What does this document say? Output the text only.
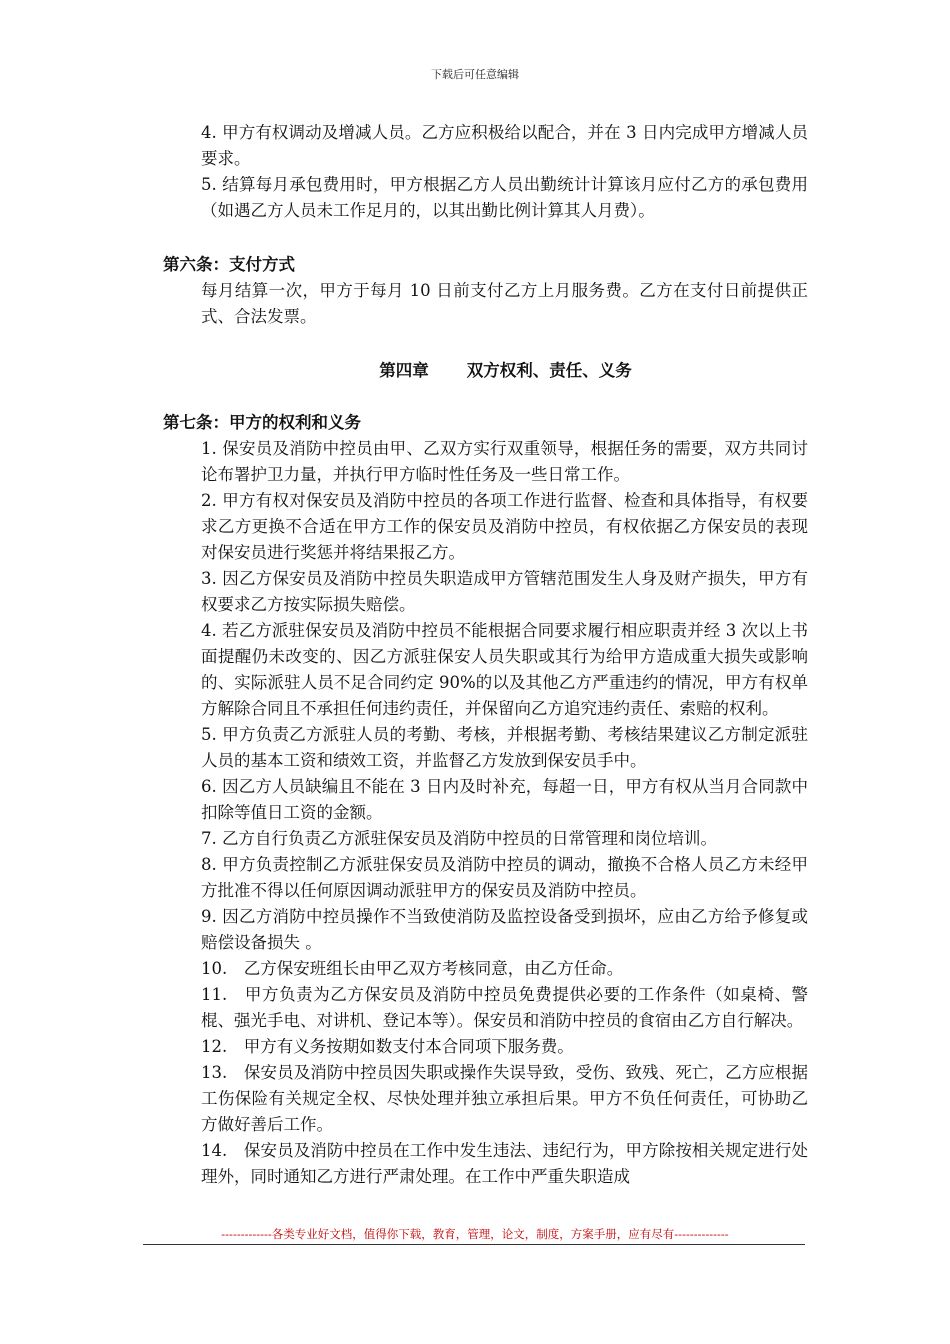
下载后可任意编辑

4. 甲方有权调动及增减人员。乙方应积极给以配合，并在 3 日内完成甲方增减人员要求。

5. 结算每月承包费用时，甲方根据乙方人员出勤统计计算该月应付乙方的承包费用（如遇乙方人员未工作足月的，以其出勤比例计算其人月费）。

第六条：支付方式

每月结算一次，甲方于每月 10 日前支付乙方上月服务费。乙方在支付日前提供正式、合法发票。

第四章 双方权利、责任、义务

第七条：甲方的权利和义务

1. 保安员及消防中控员由甲、乙双方实行双重领导，根据任务的需要，双方共同讨论布署护卫力量，并执行甲方临时性任务及一些日常工作。

2. 甲方有权对保安员及消防中控员的各项工作进行监督、检查和具体指导，有权要求乙方更换不合适在甲方工作的保安员及消防中控员，有权依据乙方保安员的表现对保安员进行奖惩并将结果报乙方。

3. 因乙方保安员及消防中控员失职造成甲方管辖范围发生人身及财产损失，甲方有权要求乙方按实际损失赔偿。

4. 若乙方派驻保安员及消防中控员不能根据合同要求履行相应职责并经 3 次以上书面提醒仍未改变的、因乙方派驻保安人员失职或其行为给甲方造成重大损失或影响的、实际派驻人员不足合同约定 90%的以及其他乙方严重违约的情况，甲方有权单方解除合同且不承担任何违约责任，并保留向乙方追究违约责任、索赔的权利。

5. 甲方负责乙方派驻人员的考勤、考核，并根据考勤、考核结果建议乙方制定派驻人员的基本工资和绩效工资，并监督乙方发放到保安员手中。

6. 因乙方人员缺编且不能在 3 日内及时补充，每超一日，甲方有权从当月合同款中扣除等值日工资的金额。

7. 乙方自行负责乙方派驻保安员及消防中控员的日常管理和岗位培训。

8. 甲方负责控制乙方派驻保安员及消防中控员的调动，撤换不合格人员乙方未经甲方批准不得以任何原因调动派驻甲方的保安员及消防中控员。

9. 因乙方消防中控员操作不当致使消防及监控设备受到损坏，应由乙方给予修复或赔偿设备损失 。

10.　乙方保安班组长由甲乙双方考核同意，由乙方任命。

11.　甲方负责为乙方保安员及消防中控员免费提供必要的工作条件（如桌椅、警棍、强光手电、对讲机、登记本等）。保安员和消防中控员的食宿由乙方自行解决。

12.　甲方有义务按期如数支付本合同项下服务费。

13.　保安员及消防中控员因失职或操作失误导致，受伤、致残、死亡，乙方应根据工伤保险有关规定全权、尽快处理并独立承担后果。甲方不负任何责任，可协助乙方做好善后工作。

14.　保安员及消防中控员在工作中发生违法、违纪行为，甲方除按相关规定进行处理外，同时通知乙方进行严肃处理。在工作中严重失职造成

-------------各类专业好文档，值得你下载，教育，管理，论文，制度，方案手册，应有尽有--------------
